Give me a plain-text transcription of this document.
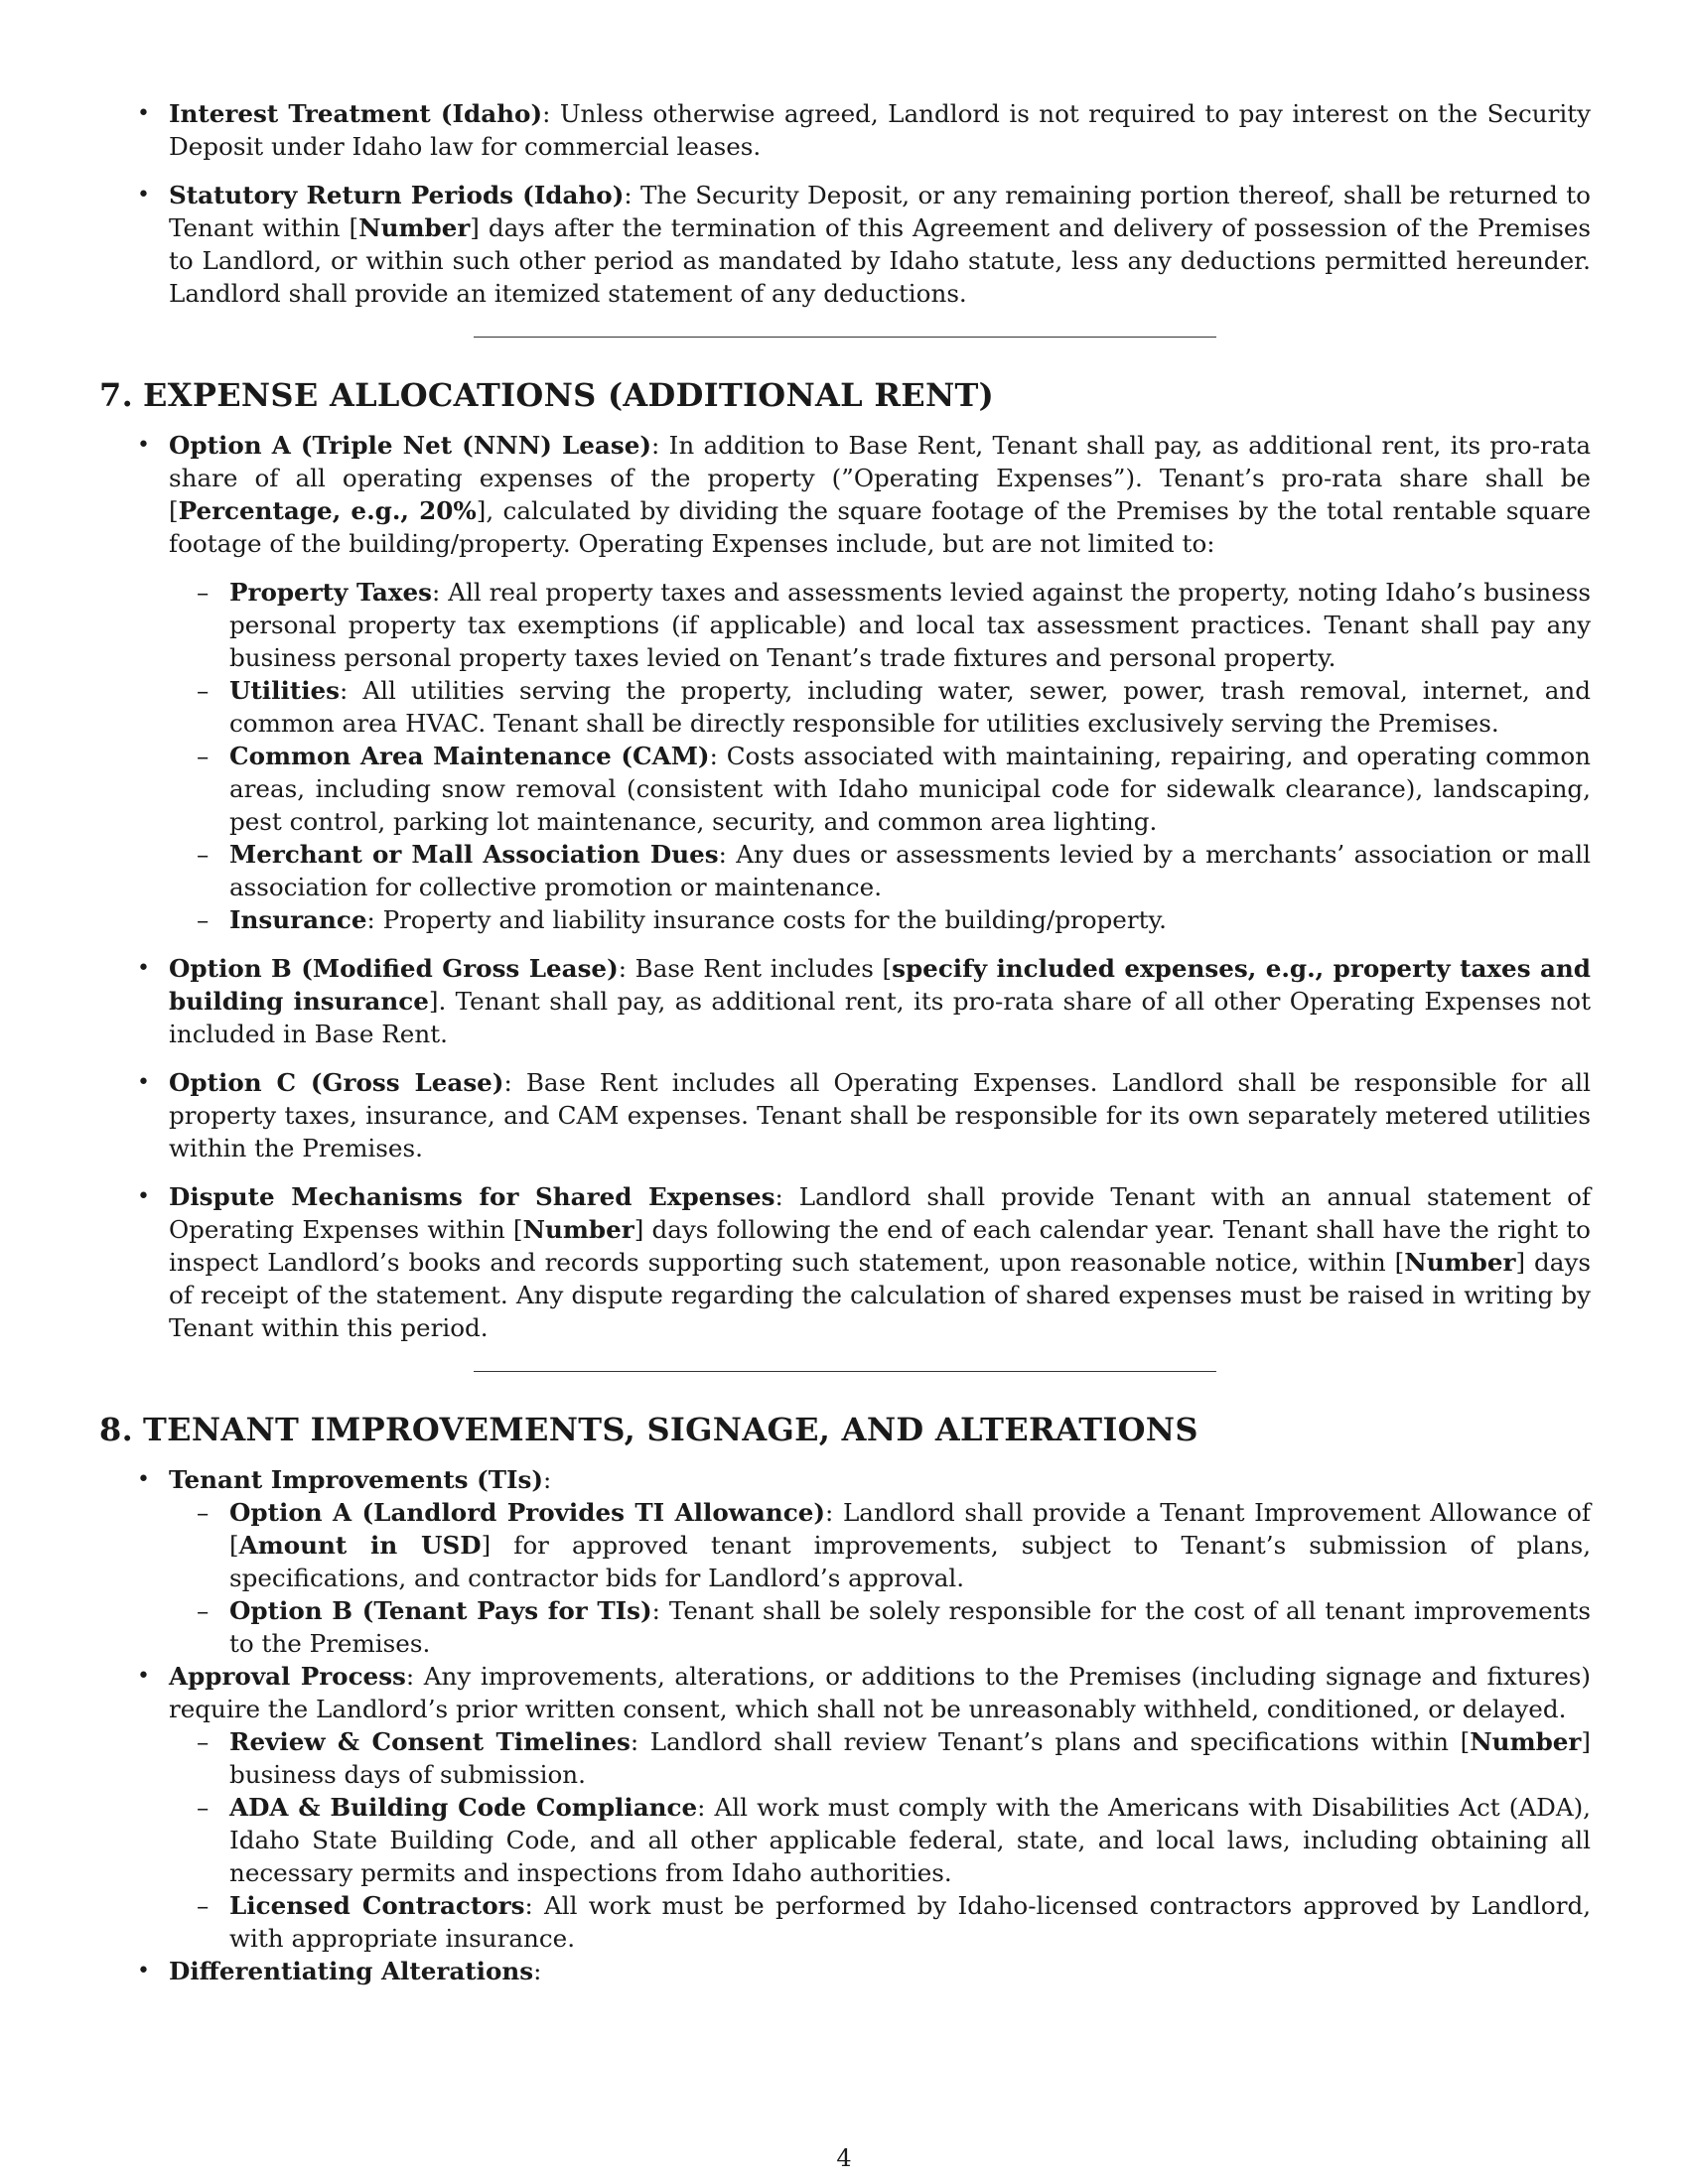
• Interest Treatment (Idaho): Unless otherwise agreed, Landlord is not required to pay interest on the Security Deposit under Idaho law for commercial leases.
• Statutory Return Periods (Idaho): The Security Deposit, or any remaining portion thereof, shall be returned to Tenant within [Number] days after the termination of this Agreement and delivery of possession of the Premises to Landlord, or within such other period as mandated by Idaho statute, less any deductions permitted hereunder. Landlord shall provide an itemized statement of any deductions.
7. EXPENSE ALLOCATIONS (ADDITIONAL RENT)
• Option A (Triple Net (NNN) Lease): In addition to Base Rent, Tenant shall pay, as additional rent, its pro-rata share of all operating expenses of the property (”Operating Expenses”). Tenant’s pro-rata share shall be [Percentage, e.g., 20%], calculated by dividing the square footage of the Premises by the total rentable square footage of the building/property. Operating Expenses include, but are not limited to:
– Property Taxes: All real property taxes and assessments levied against the property, noting Idaho’s business personal property tax exemptions (if applicable) and local tax assessment practices. Tenant shall pay any business personal property taxes levied on Tenant’s trade fixtures and personal property.
– Utilities: All utilities serving the property, including water, sewer, power, trash removal, internet, and common area HVAC. Tenant shall be directly responsible for utilities exclusively serving the Premises.
– Common Area Maintenance (CAM): Costs associated with maintaining, repairing, and operating common areas, including snow removal (consistent with Idaho municipal code for sidewalk clearance), landscaping, pest control, parking lot maintenance, security, and common area lighting.
– Merchant or Mall Association Dues: Any dues or assessments levied by a merchants’ association or mall association for collective promotion or maintenance.
– Insurance: Property and liability insurance costs for the building/property.
• Option B (Modified Gross Lease): Base Rent includes [specify included expenses, e.g., property taxes and building insurance]. Tenant shall pay, as additional rent, its pro-rata share of all other Operating Expenses not included in Base Rent.
• Option C (Gross Lease): Base Rent includes all Operating Expenses. Landlord shall be responsible for all property taxes, insurance, and CAM expenses. Tenant shall be responsible for its own separately metered utilities within the Premises.
• Dispute Mechanisms for Shared Expenses: Landlord shall provide Tenant with an annual statement of Operating Expenses within [Number] days following the end of each calendar year. Tenant shall have the right to inspect Landlord’s books and records supporting such statement, upon reasonable notice, within [Number] days of receipt of the statement. Any dispute regarding the calculation of shared expenses must be raised in writing by Tenant within this period.
8. TENANT IMPROVEMENTS, SIGNAGE, AND ALTERATIONS
• Tenant Improvements (TIs):
– Option A (Landlord Provides TI Allowance): Landlord shall provide a Tenant Improvement Allowance of [Amount in USD] for approved tenant improvements, subject to Tenant’s submission of plans, specifications, and contractor bids for Landlord’s approval.
– Option B (Tenant Pays for TIs): Tenant shall be solely responsible for the cost of all tenant improvements to the Premises.
• Approval Process: Any improvements, alterations, or additions to the Premises (including signage and fixtures) require the Landlord’s prior written consent, which shall not be unreasonably withheld, conditioned, or delayed.
– Review & Consent Timelines: Landlord shall review Tenant’s plans and specifications within [Number] business days of submission.
– ADA & Building Code Compliance: All work must comply with the Americans with Disabilities Act (ADA), Idaho State Building Code, and all other applicable federal, state, and local laws, including obtaining all necessary permits and inspections from Idaho authorities.
– Licensed Contractors: All work must be performed by Idaho-licensed contractors approved by Landlord, with appropriate insurance.
• Differentiating Alterations:
4
